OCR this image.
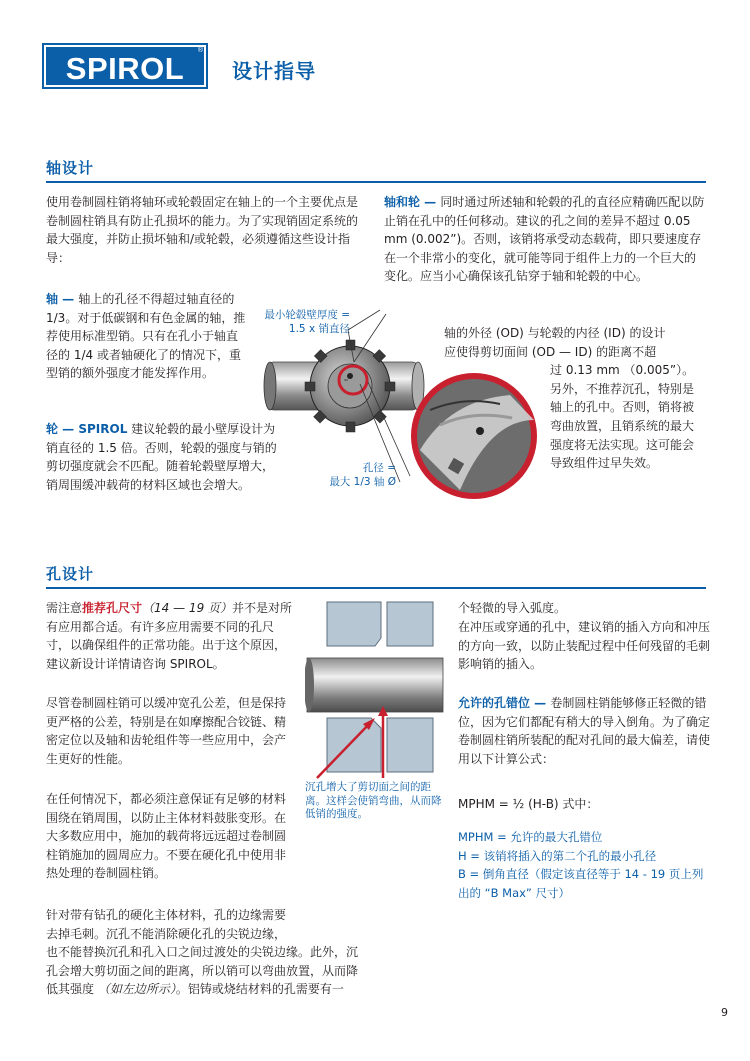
SPIROL
®
设计指导
轴设计
使用卷制圆柱销将轴环或轮毂固定在轴上的一个主要优点是卷制圆柱销具有防止孔损坏的能力。为了实现销固定系统的最大强度，并防止损坏轴和/或轮毂，必须遵循这些设计指导：
轴 — 轴上的孔径不得超过轴直径的 1/3。对于低碳钢和有色金属的轴，推荐使用标准型销。只有在孔小于轴直径的 1/4 或者轴硬化了的情况下，重型销的额外强度才能发挥作用。
轮 — SPIROL 建议轮毂的最小壁厚设计为销直径的 1.5 倍。否则，轮毂的强度与销的剪切强度就会不匹配。随着轮毂壁厚增大，销周围缓冲载荷的材料区域也会增大。
轴和轮 — 同时通过所述轴和轮毂的孔的直径应精确匹配以防止销在孔中的任何移动。建议的孔之间的差异不超过 0.05 mm (0.002”)。否则，该销将承受动态载荷，即只要速度存在一个非常小的变化，就可能等同于组件上力的一个巨大的变化。应当小心确保该孔钻穿于轴和轮毂的中心。
最小轮毂壁厚度 =
1.5 x 销直径
孔径 =
最大 1/3 轴 Ø
轴的外径 (OD) 与轮毂的内径 (ID) 的设计
应使得剪切面间 (OD — ID) 的距离不超
过 0.13 mm （0.005”）。
另外，不推荐沉孔，特别是
轴上的孔中。否则，销将被
弯曲放置，且销系统的最大
强度将无法实现。这可能会
导致组件过早失效。
孔设计
需注意推荐孔尺寸（14 — 19 页）并不是对所有应用都合适。有许多应用需要不同的孔尺寸，以确保组件的正常功能。出于这个原因，建议新设计详情请咨询 SPIROL。
尽管卷制圆柱销可以缓冲宽孔公差，但是保持更严格的公差，特别是在如摩擦配合铰链、精密定位以及轴和齿轮组件等一些应用中，会产生更好的性能。
在任何情况下，都必须注意保证有足够的材料围绕在销周围，以防止主体材料鼓胀变形。在大多数应用中，施加的载荷将远远超过卷制圆柱销施加的圆周应力。不要在硬化孔中使用非热处理的卷制圆柱销。
针对带有钻孔的硬化主体材料，孔的边缘需要
去掉毛刺。沉孔不能消除硬化孔的尖锐边缘，
也不能替换沉孔和孔入口之间过渡处的尖锐边缘。此外，沉
孔会增大剪切面之间的距离，所以销可以弯曲放置，从而降
低其强度 （如左边所示）。铝铸或烧结材料的孔需要有一
沉孔增大了剪切面之间的距离。这样会使销弯曲，从而降低销的强度。
个轻微的导入弧度。
在冲压或穿通的孔中，建议销的插入方向和冲压的方向一致，以防止装配过程中任何残留的毛刺影响销的插入。
允许的孔错位 — 卷制圆柱销能够修正轻微的错位，因为它们都配有稍大的导入倒角。为了确定卷制圆柱销所装配的配对孔间的最大偏差，请使用以下计算公式：
MPHM = ½ (H-B) 式中：
MPHM = 允许的最大孔错位
H = 该销将插入的第二个孔的最小孔径
B = 倒角直径（假定该直径等于 14 - 19 页上列出的 “B Max” 尺寸）
9
